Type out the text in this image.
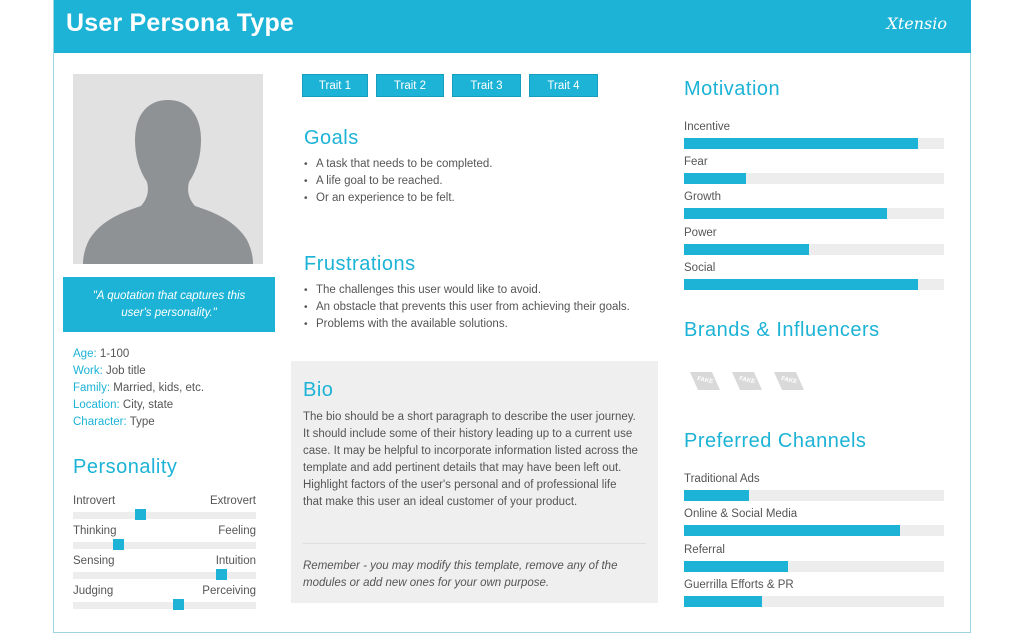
User Persona Type	Xtensio
"A quotation that captures this
user's personality."
Age: 1-100
Work: Job title
Family: Married, kids, etc.
Location: City, state
Character: Type
Personality
Introvert	Extrovert
Thinking	Feeling
Sensing	Intuition
Judging	Perceiving
Trait 1	Trait 2	Trait 3	Trait 4
Goals
• A task that needs to be completed.
• A life goal to be reached.
• Or an experience to be felt.
Frustrations
• The challenges this user would like to avoid.
• An obstacle that prevents this user from achieving their goals.
• Problems with the available solutions.
Bio
The bio should be a short paragraph to describe the user journey. It should include some of their history leading up to a current use case. It may be helpful to incorporate information listed across the template and add pertinent details that may have been left out. Highlight factors of the user's personal and of professional life that make this user an ideal customer of your product.
Remember - you may modify this template, remove any of the modules or add new ones for your own purpose.
Motivation
Incentive
Fear
Growth
Power
Social
Brands & Influencers
FAKE	FAKE	FAKE
Preferred Channels
Traditional Ads
Online & Social Media
Referral
Guerrilla Efforts & PR
